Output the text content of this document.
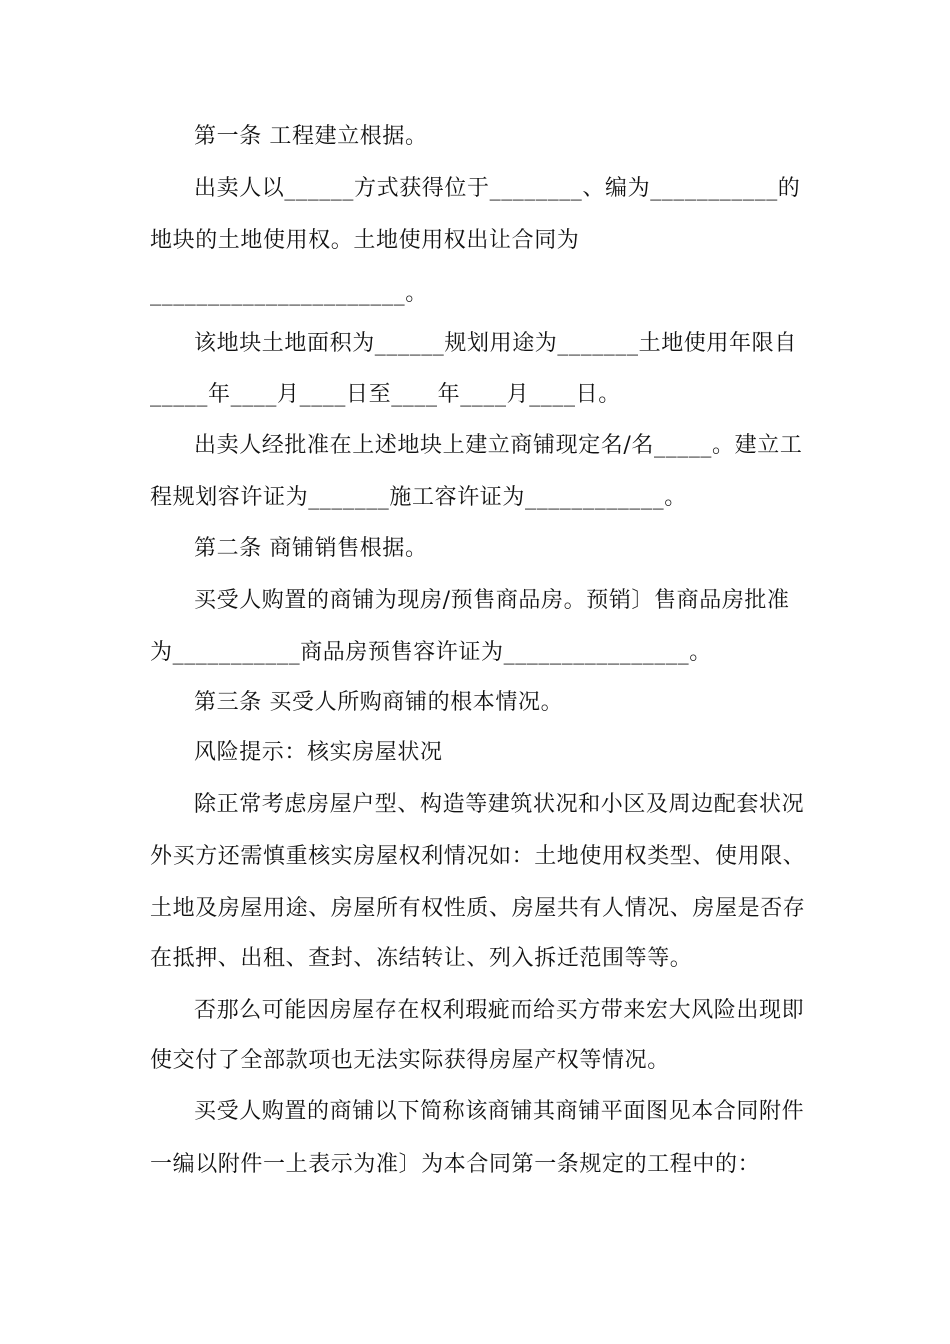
第一条 工程建立根据。
出卖人以______方式获得位于________、编为___________的
地块的土地使用权。土地使用权出让合同为
______________________。
该地块土地面积为______规划用途为_______土地使用年限自
_____年____月____日至____年____月____日。
出卖人经批准在上述地块上建立商铺现定名/名_____。建立工
程规划容许证为_______施工容许证为____________。
第二条 商铺销售根据。
买受人购置的商铺为现房/预售商品房。预销〕售商品房批准
为___________商品房预售容许证为________________。
第三条 买受人所购商铺的根本情况。
风险提示：核实房屋状况
除正常考虑房屋户型、构造等建筑状况和小区及周边配套状况
外买方还需慎重核实房屋权利情况如：土地使用权类型、使用限、
土地及房屋用途、房屋所有权性质、房屋共有人情况、房屋是否存
在抵押、出租、查封、冻结转让、列入拆迁范围等等。
否那么可能因房屋存在权利瑕疵而给买方带来宏大风险出现即
使交付了全部款项也无法实际获得房屋产权等情况。
买受人购置的商铺以下简称该商铺其商铺平面图见本合同附件
一编以附件一上表示为准〕为本合同第一条规定的工程中的：
